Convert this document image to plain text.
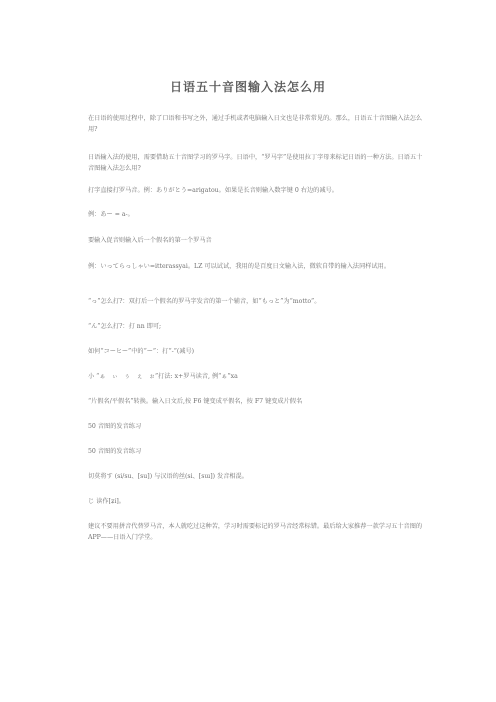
日语五十音图输入法怎么用

在日语的使用过程中，除了口语和书写之外，通过手机或者电脑输入日文也是非常常见的。那么，日语五十音图输入法怎么用?

日语输入法的使用，需要借助五十音图学习的罗马字。日语中，“罗马字”是使用拉丁字母来标记日语的一种方法。日语五十音图输入法怎么用?

打字直接打罗马音。例：ありがとう=arigatou。如果是长音则输入数字键 0 右边的减号。

例：あー = a-。

要输入促音则输入后一个假名的第一个罗马音

例：いってらっしゃい=itterassyai。LZ 可以试试，我用的是百度日文输入法，微软自带的输入法同样试用。

“っ”怎么打?：双打后一个假名的罗马字发音的第一个辅音，如“もっと”为“motto”。

“ん”怎么打?：打 nn 即可;

如何“コーヒー”中的“ー”：打“-”(减号)

小 “ぁ　ぃ　ぅ　ぇ　ぉ”打法: x+罗马读音, 例“ぁ”xa

“片假名/平假名”转换。输入日文后,按 F6 键变成平假名，按 F7 键变成片假名

50 音图的发音练习

50 音图的发音练习

切莫将す (si/su、[su]) 与汉语的丝(si、[sɯ]) 发音相混。

じ 读作[ʑi]。

建议不要用拼音代替罗马音，本人就吃过这种苦，学习时需要标记的罗马音经常标错。最后给大家推荐一款学习五十音图的 APP——日语入门学堂。
